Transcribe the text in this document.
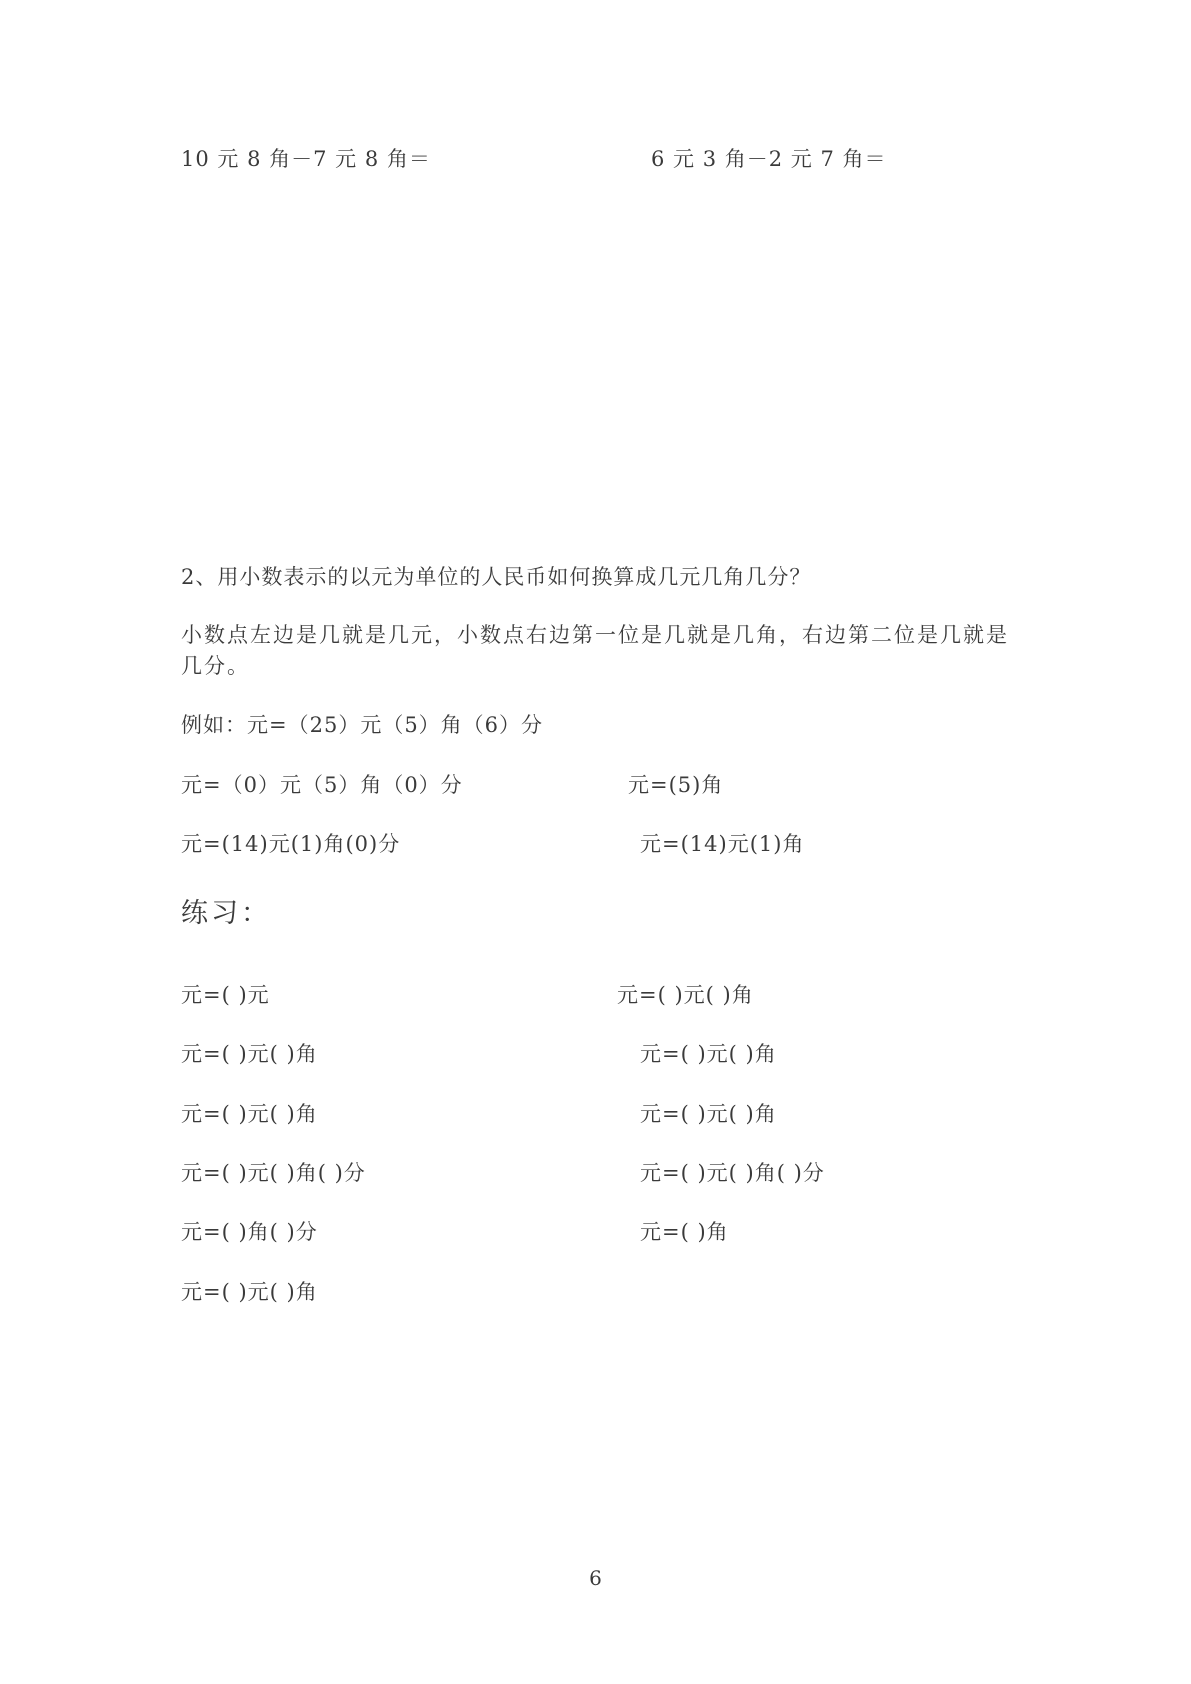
10 元 8 角－7 元 8 角＝	6 元 3 角－2 元 7 角＝
2、用小数表示的以元为单位的人民币如何换算成几元几角几分？
小数点左边是几就是几元，小数点右边第一位是几就是几角，右边第二位是几就是几分。
例如：元=（25）元（5）角（6）分
元=（0）元（5）角（0）分	元=(5)角
元=(14)元(1)角(0)分	元=(14)元(1)角
练习：
元=( )元	元=( )元( )角
元=( )元( )角	元=( )元( )角
元=( )元( )角	元=( )元( )角
元=( )元( )角( )分	元=( )元( )角( )分
元=( )角( )分	元=( )角
元=( )元( )角
6
